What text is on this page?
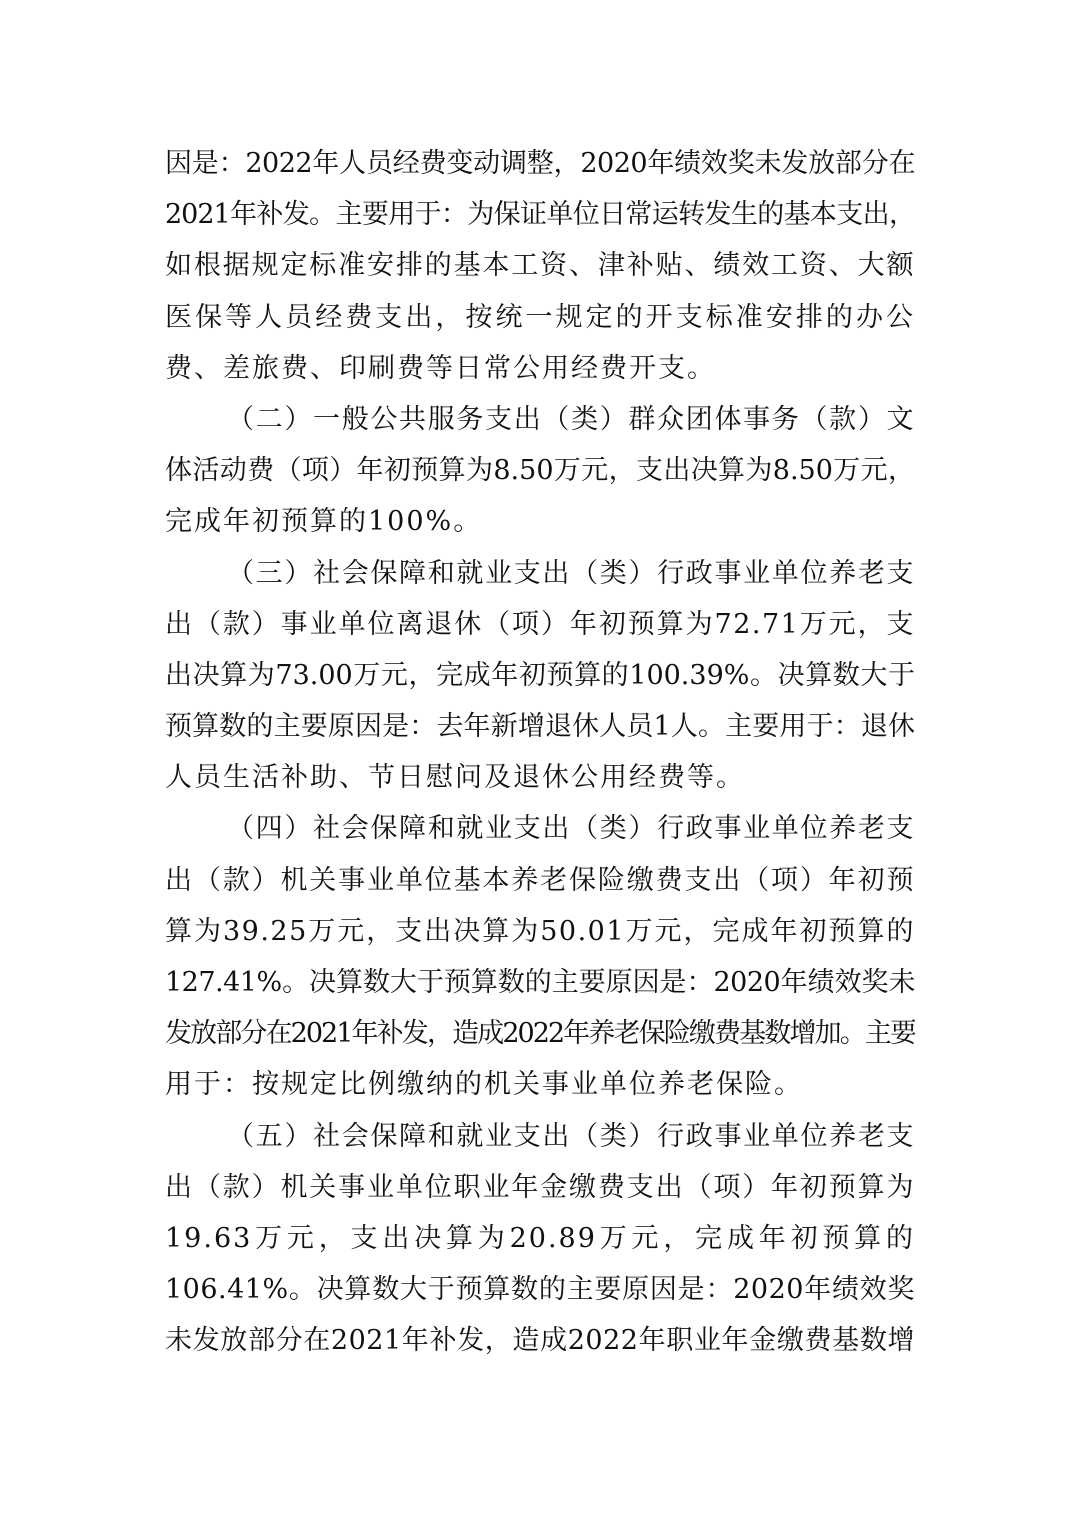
因是：2022年人员经费变动调整，2020年绩效奖未发放部分在
2021年补发。主要用于：为保证单位日常运转发生的基本支出，
如根据规定标准安排的基本工资、津补贴、绩效工资、大额
医保等人员经费支出，按统一规定的开支标准安排的办公
费、差旅费、印刷费等日常公用经费开支。
（二）一般公共服务支出（类）群众团体事务（款）文
体活动费（项）年初预算为8.50万元，支出决算为8.50万元，
完成年初预算的100%。
（三）社会保障和就业支出（类）行政事业单位养老支
出（款）事业单位离退休（项）年初预算为72.71万元，支
出决算为73.00万元，完成年初预算的100.39%。决算数大于
预算数的主要原因是：去年新增退休人员1人。主要用于：退休
人员生活补助、节日慰问及退休公用经费等。
（四）社会保障和就业支出（类）行政事业单位养老支
出（款）机关事业单位基本养老保险缴费支出（项）年初预
算为39.25万元，支出决算为50.01万元，完成年初预算的
127.41%。决算数大于预算数的主要原因是：2020年绩效奖未
发放部分在2021年补发，造成2022年养老保险缴费基数增加。主要
用于：按规定比例缴纳的机关事业单位养老保险。
（五）社会保障和就业支出（类）行政事业单位养老支
出（款）机关事业单位职业年金缴费支出（项）年初预算为
19.63万元，支出决算为20.89万元，完成年初预算的
106.41%。决算数大于预算数的主要原因是：2020年绩效奖
未发放部分在2021年补发，造成2022年职业年金缴费基数增
